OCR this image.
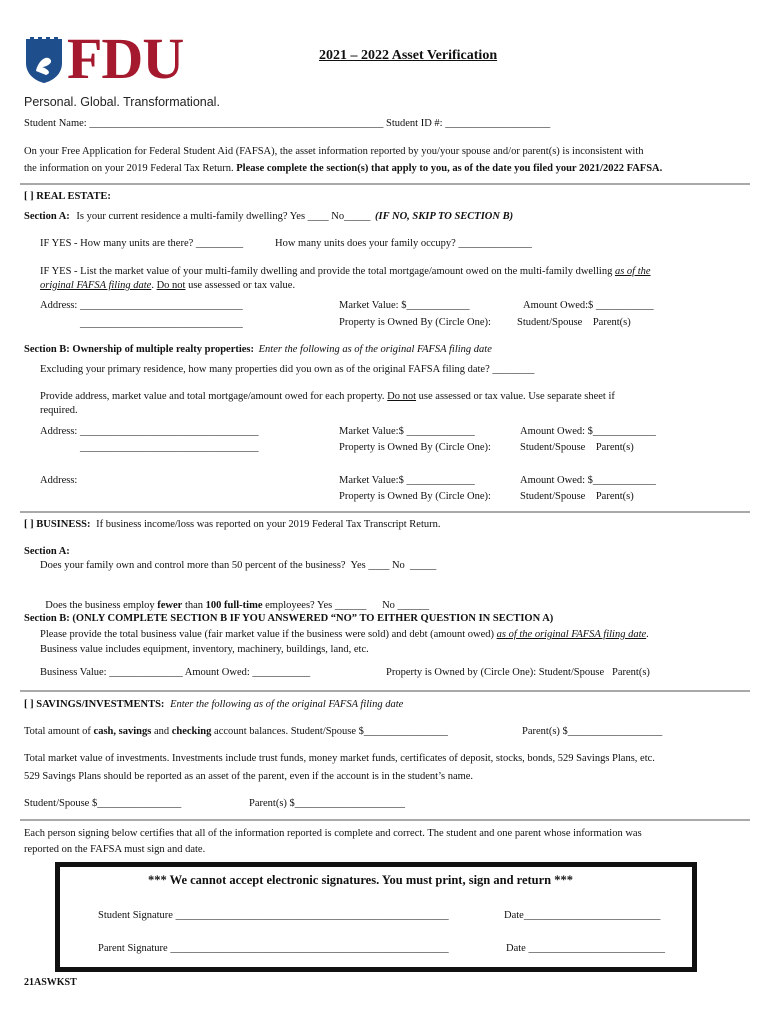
FDU
Personal. Global. Transformational.
2021 – 2022 Asset Verification
Student Name: ________________________________________________________ Student ID #: ____________________
On your Free Application for Federal Student Aid (FAFSA), the asset information reported by you/your spouse and/or parent(s) is inconsistent with
the information on your 2019 Federal Tax Return. Please complete the section(s) that apply to you, as of the date you filed your 2021/2022 FAFSA.
[ ] REAL ESTATE:
Section A: Is your current residence a multi-family dwelling? Yes ____ No_____ (IF NO, SKIP TO SECTION B)
IF YES - How many units are there? _________	How many units does your family occupy? ______________
IF YES - List the market value of your multi-family dwelling and provide the total mortgage/amount owed on the multi-family dwelling as of the
original FAFSA filing date. Do not use assessed or tax value.
Address: _______________________________
_______________________________
Market Value: $____________	Amount Owed:$ ___________
Property is Owned By (Circle One): Student/Spouse    Parent(s)
Section B: Ownership of multiple realty properties: Enter the following as of the original FAFSA filing date
Excluding your primary residence, how many properties did you own as of the original FAFSA filing date? ________
Provide address, market value and total mortgage/amount owed for each property. Do not use assessed or tax value. Use separate sheet if
required.
Address: __________________________________
__________________________________
Market Value:$ _____________	Amount Owed: $____________
Property is Owned By (Circle One):	Student/Spouse    Parent(s)
Address:	Market Value:$ _____________	Amount Owed: $____________
Property is Owned By (Circle One):	Student/Spouse    Parent(s)
[ ] BUSINESS: If business income/loss was reported on your 2019 Federal Tax Transcript Return.
Section A:
Does your family own and control more than 50 percent of the business?  Yes ____ No  _____

Does the business employ fewer than 100 full-time employees? Yes ______      No ______

Section B: (ONLY COMPLETE SECTION B IF YOU ANSWERED “NO” TO EITHER QUESTION IN SECTION A)
Please provide the total business value (fair market value if the business were sold) and debt (amount owed) as of the original FAFSA filing date.
Business value includes equipment, inventory, machinery, buildings, land, etc.
Business Value: ______________ Amount Owed: ___________	Property is Owned by (Circle One): Student/Spouse   Parent(s)
[ ] SAVINGS/INVESTMENTS: Enter the following as of the original FAFSA filing date
Total amount of cash, savings and checking account balances. Student/Spouse $________________	Parent(s) $__________________
Total market value of investments. Investments include trust funds, money market funds, certificates of deposit, stocks, bonds, 529 Savings Plans, etc.
529 Savings Plans should be reported as an asset of the parent, even if the account is in the student’s name.
Student/Spouse $________________	Parent(s) $_____________________
Each person signing below certifies that all of the information reported is complete and correct. The student and one parent whose information was
reported on the FAFSA must sign and date.
*** We cannot accept electronic signatures. You must print, sign and return ***
Student Signature ____________________________________________________	Date__________________________
Parent Signature _____________________________________________________	Date __________________________
21ASWKST
